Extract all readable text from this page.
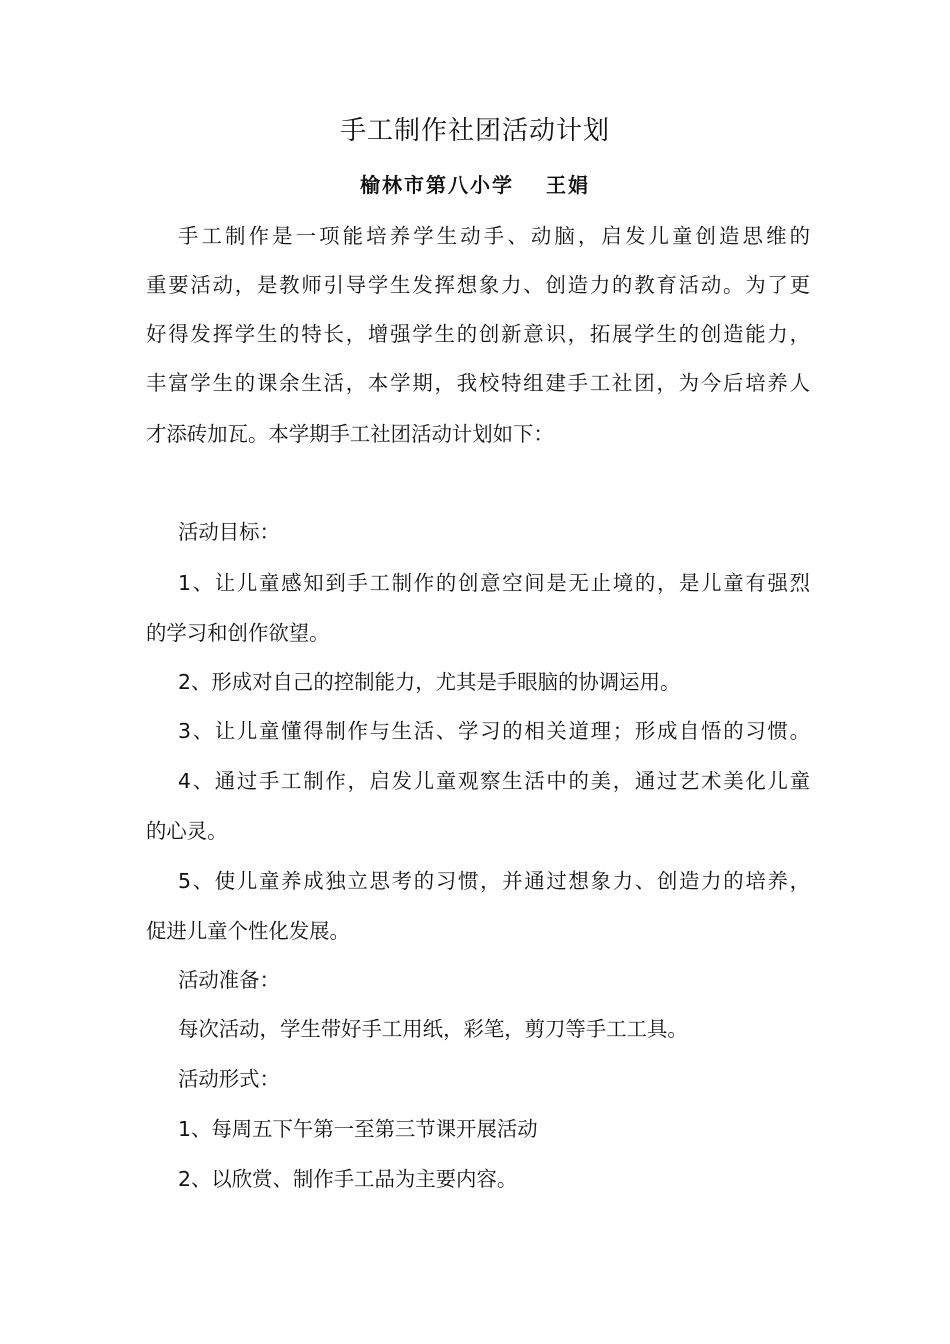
手工制作社团活动计划
榆林市第八小学 王娟
手工制作是一项能培养学生动手、动脑，启发儿童创造思维的
重要活动，是教师引导学生发挥想象力、创造力的教育活动。为了更
好得发挥学生的特长，增强学生的创新意识，拓展学生的创造能力，
丰富学生的课余生活，本学期，我校特组建手工社团，为今后培养人
才添砖加瓦。本学期手工社团活动计划如下：
活动目标：
1、让儿童感知到手工制作的创意空间是无止境的，是儿童有强烈
的学习和创作欲望。
2、形成对自己的控制能力，尤其是手眼脑的协调运用。
3、让儿童懂得制作与生活、学习的相关道理；形成自悟的习惯。
4、通过手工制作，启发儿童观察生活中的美，通过艺术美化儿童
的心灵。
5、使儿童养成独立思考的习惯，并通过想象力、创造力的培养，
促进儿童个性化发展。
活动准备：
每次活动，学生带好手工用纸，彩笔，剪刀等手工工具。
活动形式：
1、每周五下午第一至第三节课开展活动
2、以欣赏、制作手工品为主要内容。
